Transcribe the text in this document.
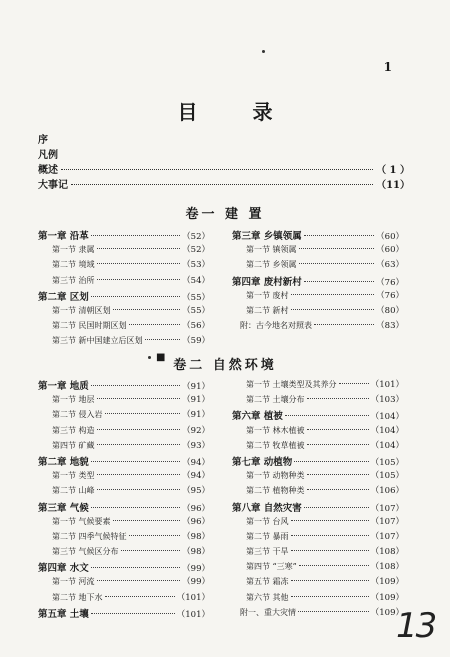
1
目 录
序
凡例
概述	（ 1 ）
大事记	（11）
卷一 建 置
第一章 沿革	（52）
第一节 隶属	（52）
第二节 境域	（53）
第三节 治所	（54）
第二章 区划	（55）
第一节 清朝区划	（55）
第二节 民国时期区划	（56）
第三节 新中国建立后区划	（59）
第三章 乡镇领属	（60）
第一节 镇领属	（60）
第二节 乡领属	（63）
第四章 废村新村	（76）
第一节 废村	（76）
第二节 新村	（80）
附：古今地名对照表	（83）
卷二 自然环境
■
第一章 地质	（91）
第一节 地层	（91）
第二节 侵入岩	（91）
第三节 构造	（92）
第四节 矿藏	（93）
第二章 地貌	（94）
第一节 类型	（94）
第二节 山峰	（95）
第三章 气候	（96）
第一节 气候要素	（96）
第二节 四季气候特征	（98）
第三节 气候区分布	（98）
第四章 水文	（99）
第一节 河流	（99）
第二节 地下水	（101）
第五章 土壤	（101）
第一节 土壤类型及其养分	（101）
第二节 土壤分布	（103）
第六章 植被	（104）
第一节 林木植被	（104）
第二节 牧草植被	（104）
第七章 动植物	（105）
第一节 动物种类	（105）
第二节 植物种类	（106）
第八章 自然灾害	（107）
第一节 台风	（107）
第二节 暴雨	（107）
第三节 干旱	（108）
第四节 “三寒”	（108）
第五节 霜冻	（109）
第六节 其他	（109）
附一、重大灾情	（109）
13
